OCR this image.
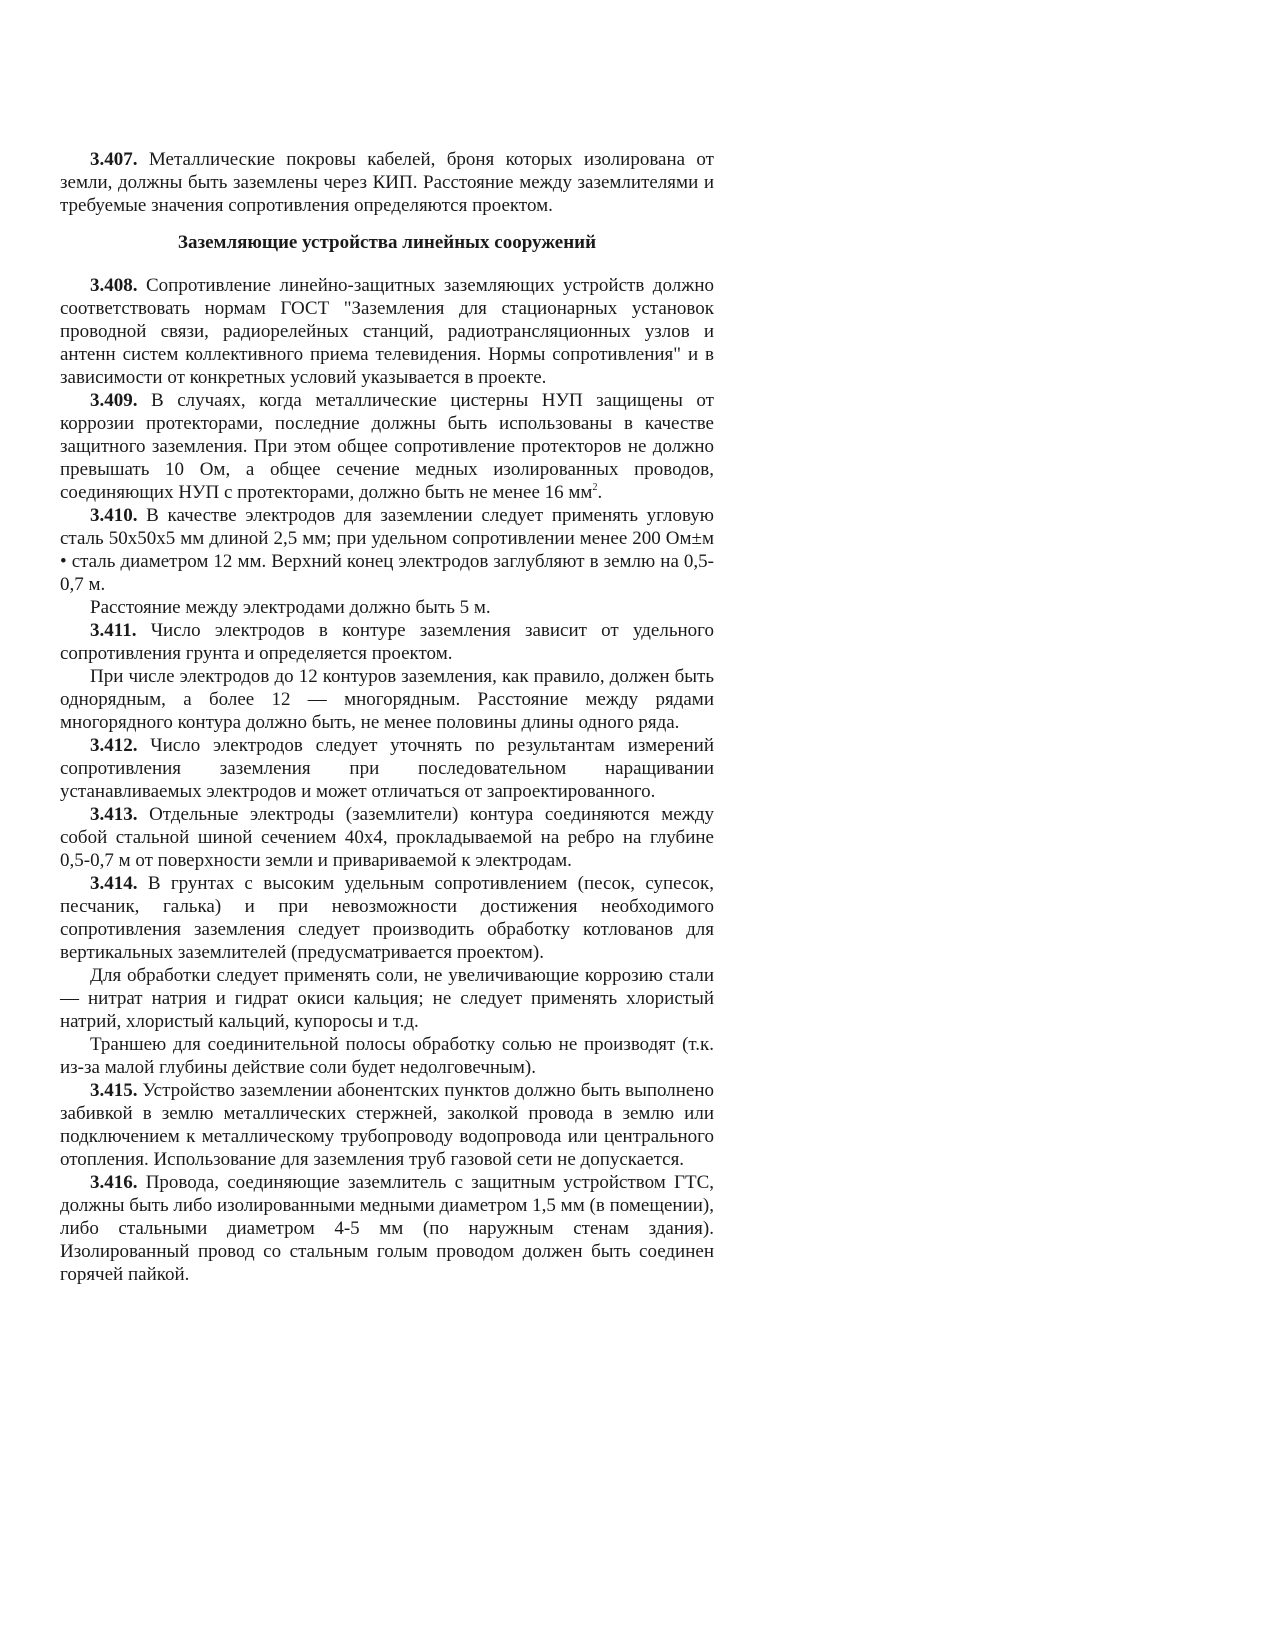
3.407. Металлические покровы кабелей, броня которых изолирована от земли, должны быть заземлены через КИП. Расстояние между заземлителями и требуемые значения сопротивления определяются проектом.

Заземляющие устройства линейных сооружений

3.408. Сопротивление линейно-защитных заземляющих устройств должно соответствовать нормам ГОСТ "Заземления для стационарных установок проводной связи, радиорелейных станций, радиотрансляционных узлов и антенн систем коллективного приема телевидения. Нормы сопротивления" и в зависимости от конкретных условий указывается в проекте.

3.409. В случаях, когда металлические цистерны НУП защищены от коррозии протекторами, последние должны быть использованы в качестве защитного заземления. При этом общее сопротивление протекторов не должно превышать 10 Ом, а общее сечение медных изолированных проводов, соединяющих НУП с протекторами, должно быть не менее 16 $мм^2$.

3.410. В качестве электродов для заземлении следует применять угловую сталь 50x50x5 мм длиной 2,5 мм; при удельном сопротивлении менее 200 Ом±м • сталь диаметром 12 мм. Верхний конец электродов заглубляют в землю на 0,5-0,7 м.

Расстояние между электродами должно быть 5 м.

3.411. Число электродов в контуре заземления зависит от удельного сопротивления грунта и определяется проектом.

При числе электродов до 12 контуров заземления, как правило, должен быть однорядным, а более 12 — многорядным. Расстояние между рядами многорядного контура должно быть, не менее половины длины одного ряда.

3.412. Число электродов следует уточнять по результантам измерений сопротивления заземления при последовательном наращивании устанавливаемых электродов и может отличаться от запроектированного.

3.413. Отдельные электроды (заземлители) контура соединяются между собой стальной шиной сечением 40x4, прокладываемой на ребро на глубине 0,5-0,7 м от поверхности земли и привариваемой к электродам.

3.414. В грунтах с высоким удельным сопротивлением (песок, супесок, песчаник, галька) и при невозможности достижения необходимого сопротивления заземления следует производить обработку котлованов для вертикальных заземлителей (предусматривается проектом).

Для обработки следует применять соли, не увеличивающие коррозию стали — нитрат натрия и гидрат окиси кальция; не следует применять хлористый натрий, хлористый кальций, купоросы и т.д.

Траншею для соединительной полосы обработку солью не производят (т.к. из-за малой глубины действие соли будет недолговечным).

3.415. Устройство заземлении абонентских пунктов должно быть выполнено забивкой в землю металлических стержней, заколкой провода в землю или подключением к металлическому трубопроводу водопровода или центрального отопления. Использование для заземления труб газовой сети не допускается.

3.416. Провода, соединяющие заземлитель с защитным устройством ГТС, должны быть либо изолированными медными диаметром 1,5 мм (в помещении), либо стальными диаметром 4-5 мм (по наружным стенам здания). Изолированный провод со стальным голым проводом должен быть соединен горячей пайкой.
